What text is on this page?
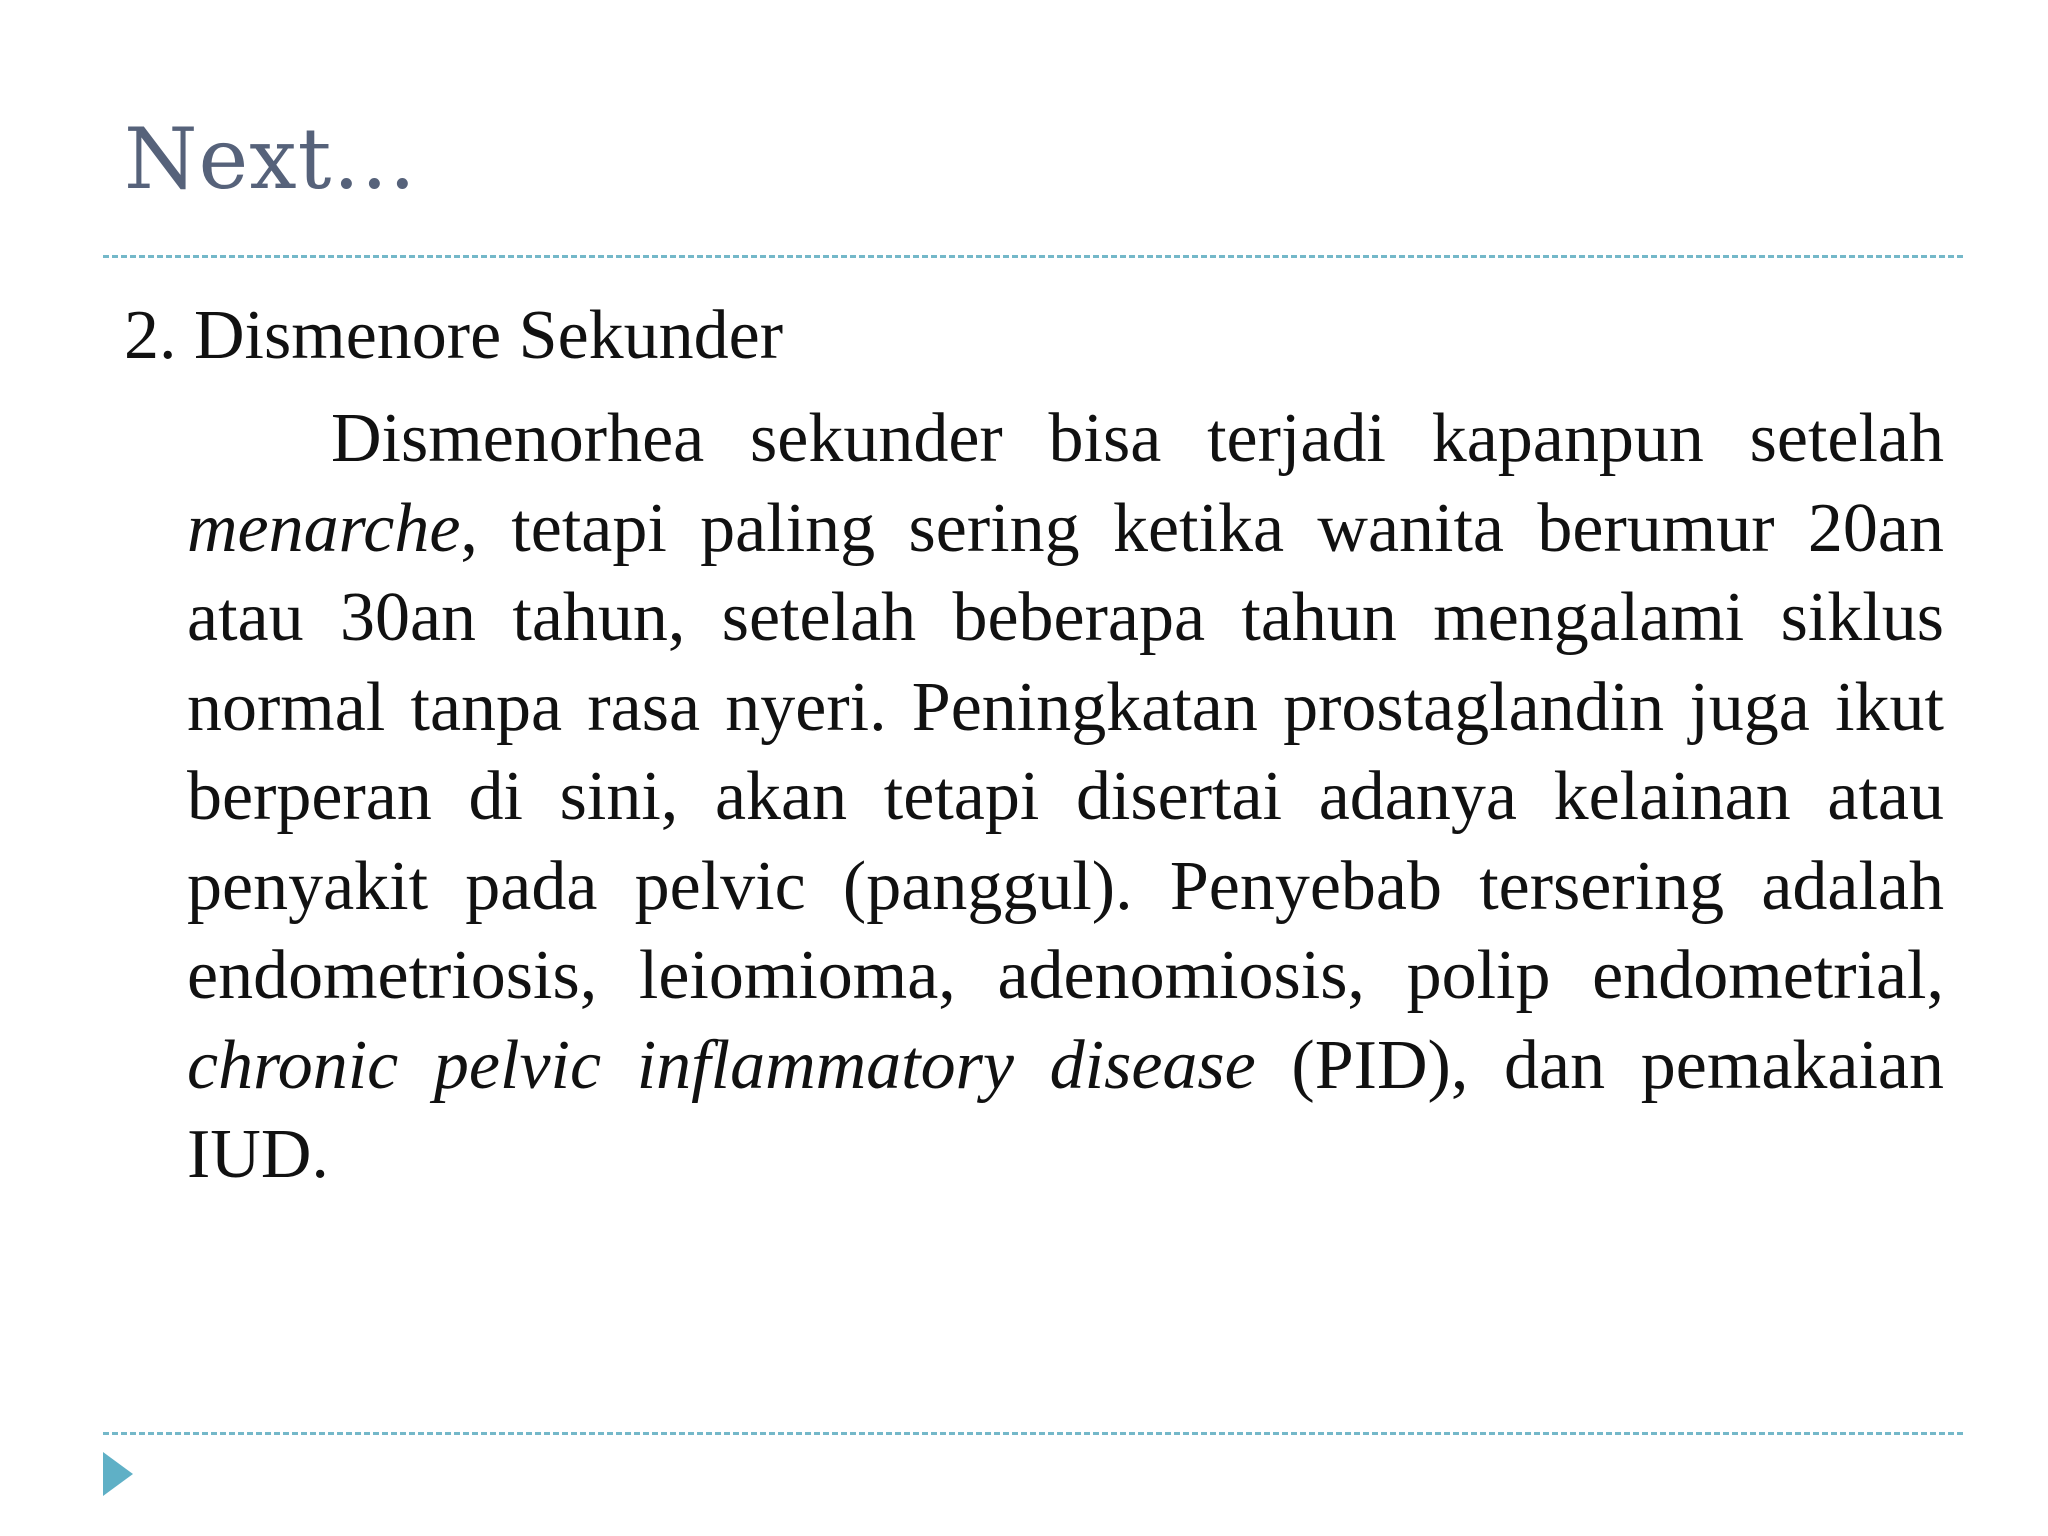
Next…

2. Dismenore Sekunder

Dismenorhea sekunder bisa terjadi kapanpun setelah menarche, tetapi paling sering ketika wanita berumur 20an atau 30an tahun, setelah beberapa tahun mengalami siklus normal tanpa rasa nyeri. Peningkatan prostaglandin juga ikut berperan di sini, akan tetapi disertai adanya kelainan atau penyakit pada pelvic (panggul). Penyebab tersering adalah endometriosis, leiomioma, adenomiosis, polip endometrial, chronic pelvic inflammatory disease (PID), dan pemakaian IUD.
